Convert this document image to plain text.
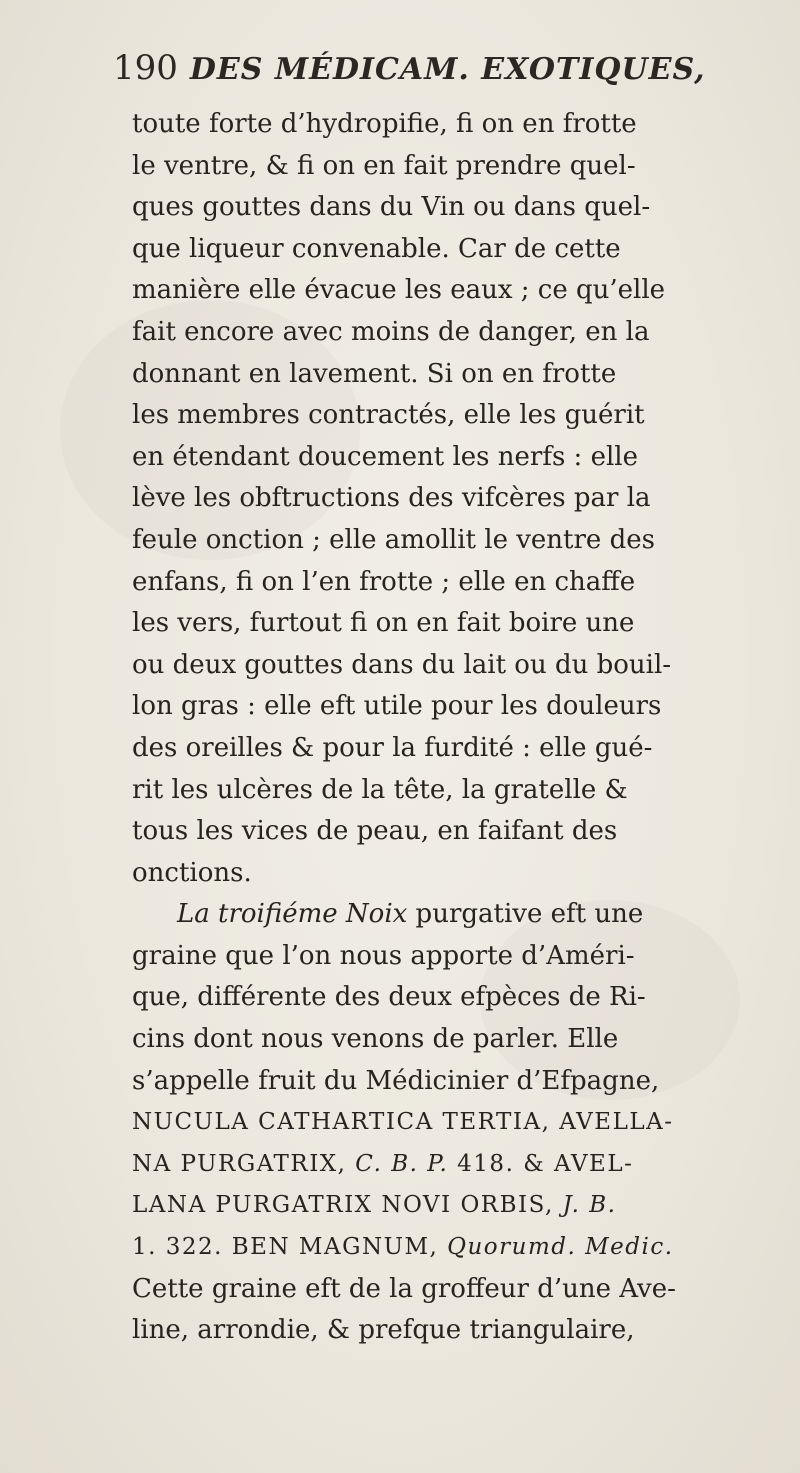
190 DES MÉDICAM. EXOTIQUES,
toute forte d’hydropifie, fi on en frotte
le ventre, & fi on en fait prendre quel-
ques gouttes dans du Vin ou dans quel-
que liqueur convenable. Car de cette
manière elle évacue les eaux ; ce qu’elle
fait encore avec moins de danger, en la
donnant en lavement. Si on en frotte
les membres contractés, elle les guérit
en étendant doucement les nerfs : elle
lève les obftructions des vifcères par la
feule onction ; elle amollit le ventre des
enfans, fi on l’en frotte ; elle en chaffe
les vers, furtout fi on en fait boire une
ou deux gouttes dans du lait ou du bouil-
lon gras : elle eft utile pour les douleurs
des oreilles & pour la furdité : elle gué-
rit les ulcères de la tête, la gratelle &
tous les vices de peau, en faifant des
onctions.
La troifiéme Noix purgative eft une
graine que l’on nous apporte d’Améri-
que, différente des deux efpèces de Ri-
cins dont nous venons de parler. Elle
s’appelle fruit du Médicinier d’Efpagne,
NUCULA CATHARTICA TERTIA, AVELLA-
NA PURGATRIX, C. B. P. 418. & AVEL-
LANA PURGATRIX NOVI ORBIS, J. B.
1. 322. BEN MAGNUM, Quorumd. Medic.
Cette graine eft de la groffeur d’une Ave-
line, arrondie, & prefque triangulaire,
